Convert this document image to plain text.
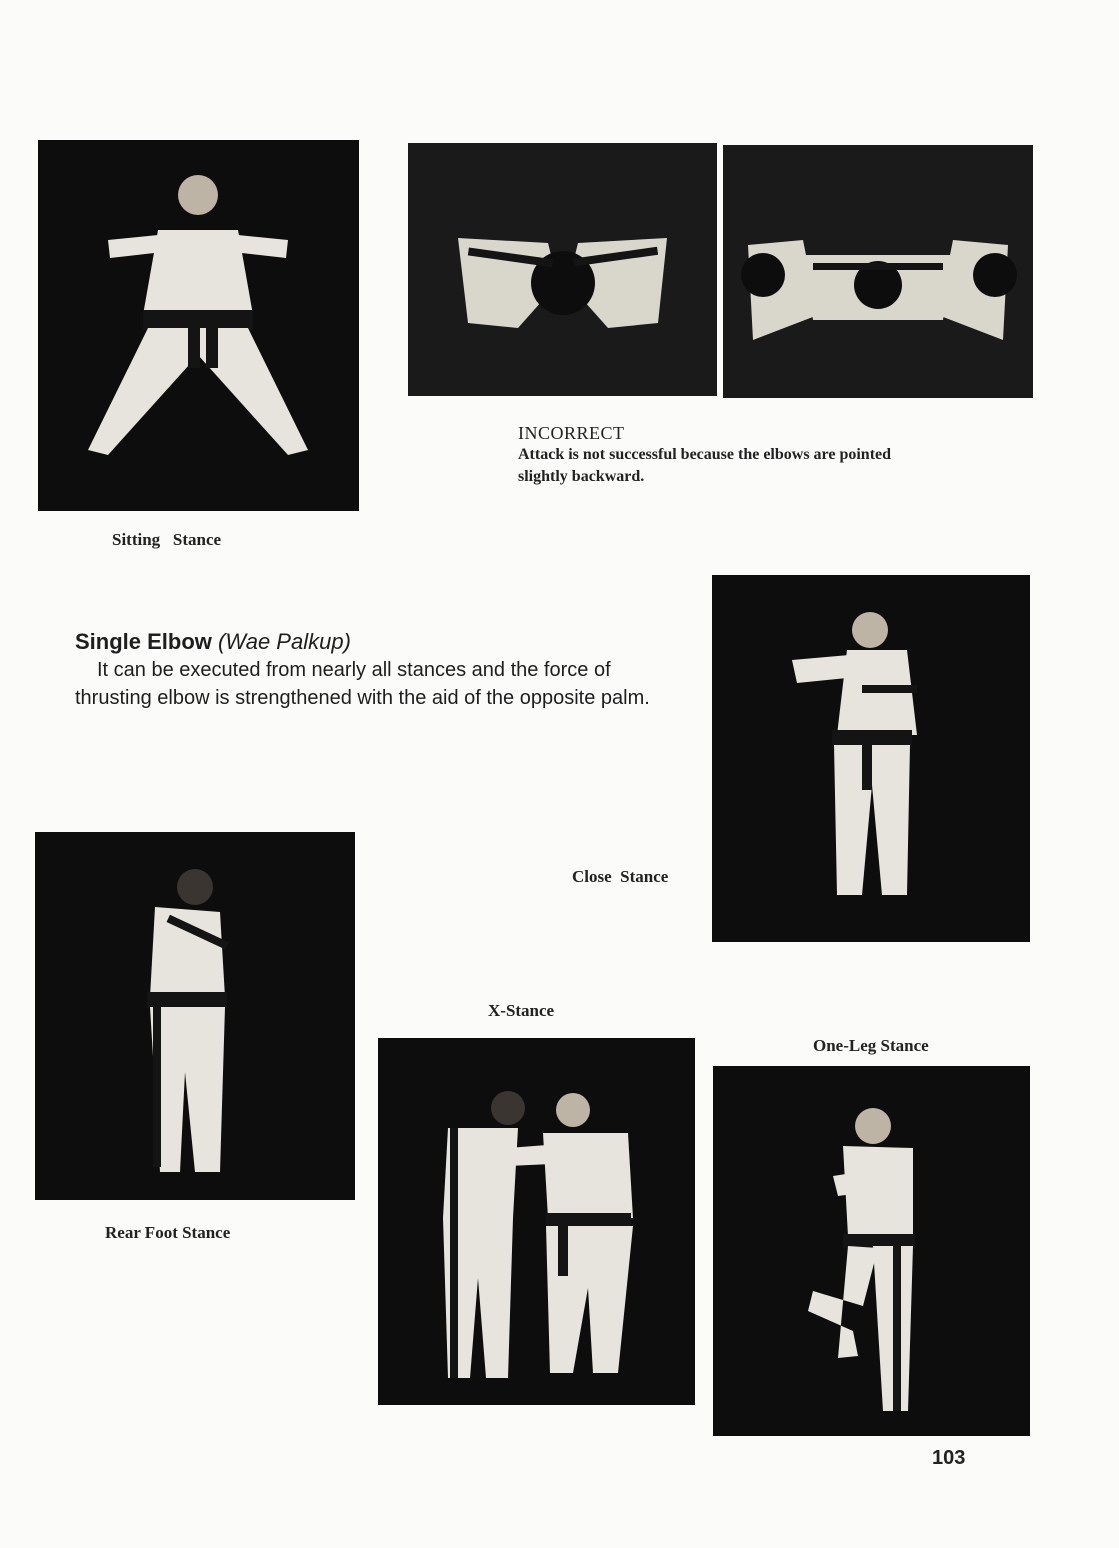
INCORRECT
Attack is not successful because the elbows are pointed slightly backward.
Sitting   Stance
Single Elbow (Wae Palkup)

It can be executed from nearly all stances and the force of thrusting elbow is strengthened with the aid of the opposite palm.

Close  Stance
Rear Foot Stance
X-Stance
One-Leg Stance
103
